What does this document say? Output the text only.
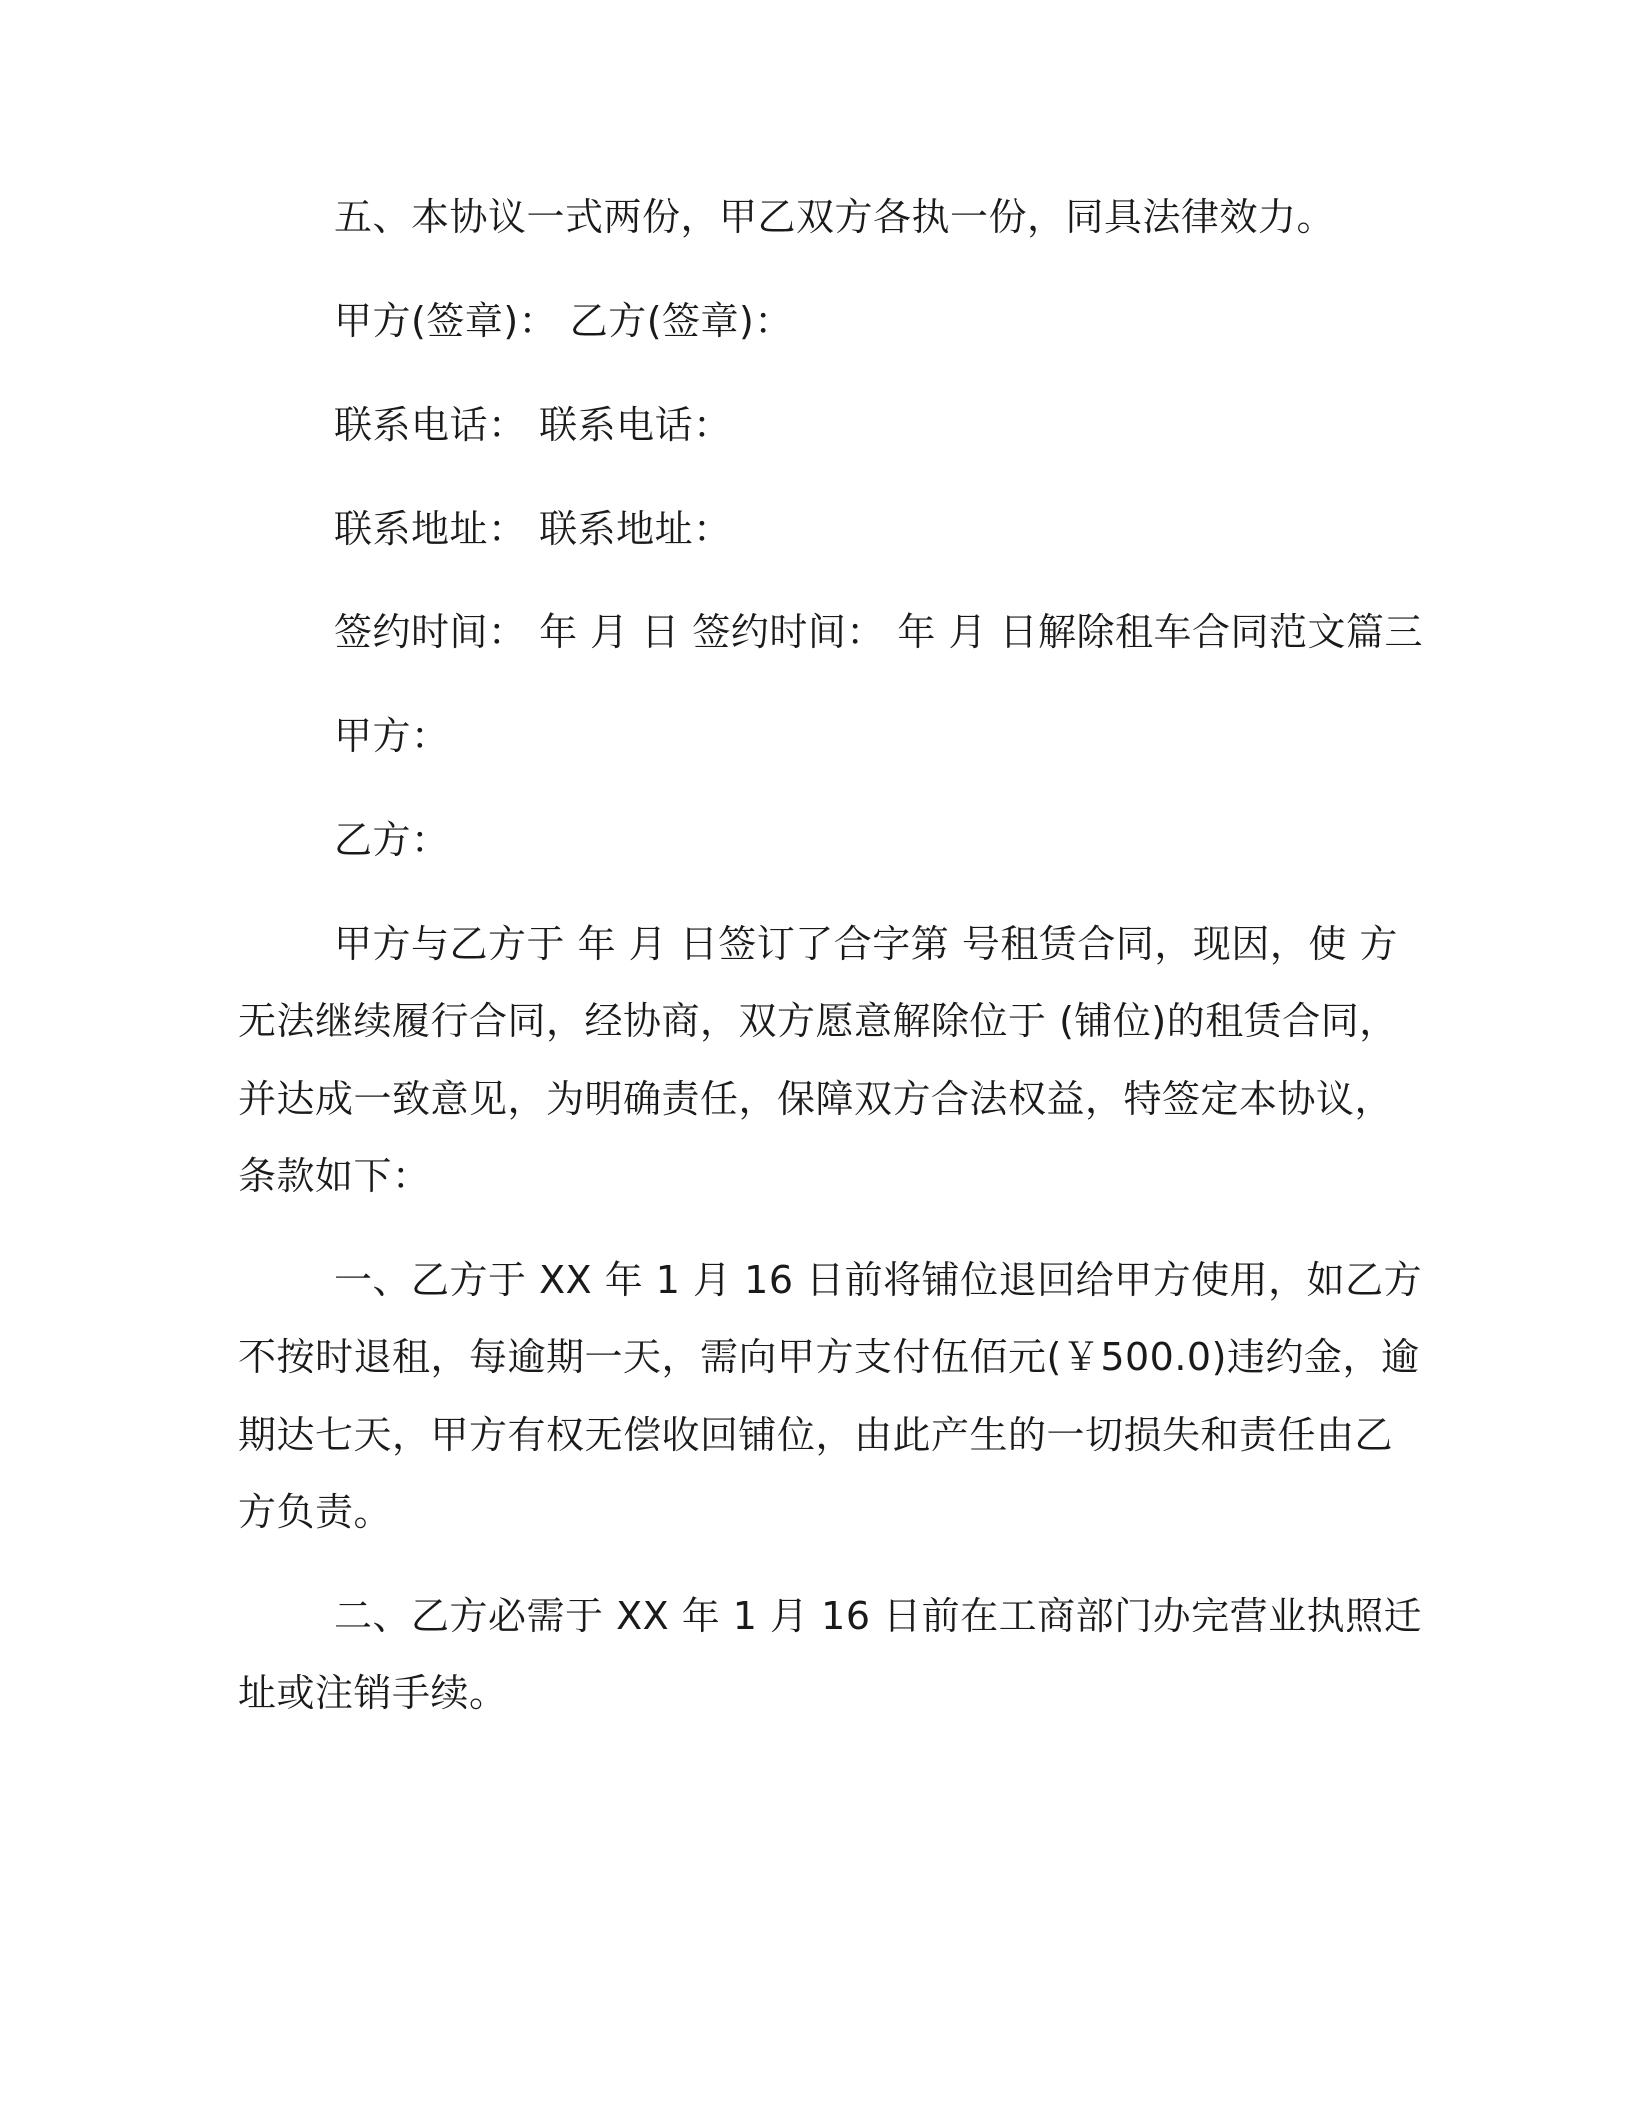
五、本协议一式两份，甲乙双方各执一份，同具法律效力。
甲方(签章)： 乙方(签章)：
联系电话： 联系电话：
联系地址： 联系地址：
签约时间： 年 月 日 签约时间： 年 月 日解除租车合同范文篇三
甲方：
乙方：
甲方与乙方于 年 月 日签订了合字第 号租赁合同，现因，使 方
无法继续履行合同，经协商，双方愿意解除位于 (铺位)的租赁合同，
并达成一致意见，为明确责任，保障双方合法权益，特签定本协议，
条款如下：
一、乙方于 XX 年 1 月 16 日前将铺位退回给甲方使用，如乙方
不按时退租，每逾期一天，需向甲方支付伍佰元(￥500.0)违约金，逾
期达七天，甲方有权无偿收回铺位，由此产生的一切损失和责任由乙
方负责。
二、乙方必需于 XX 年 1 月 16 日前在工商部门办完营业执照迁
址或注销手续。
